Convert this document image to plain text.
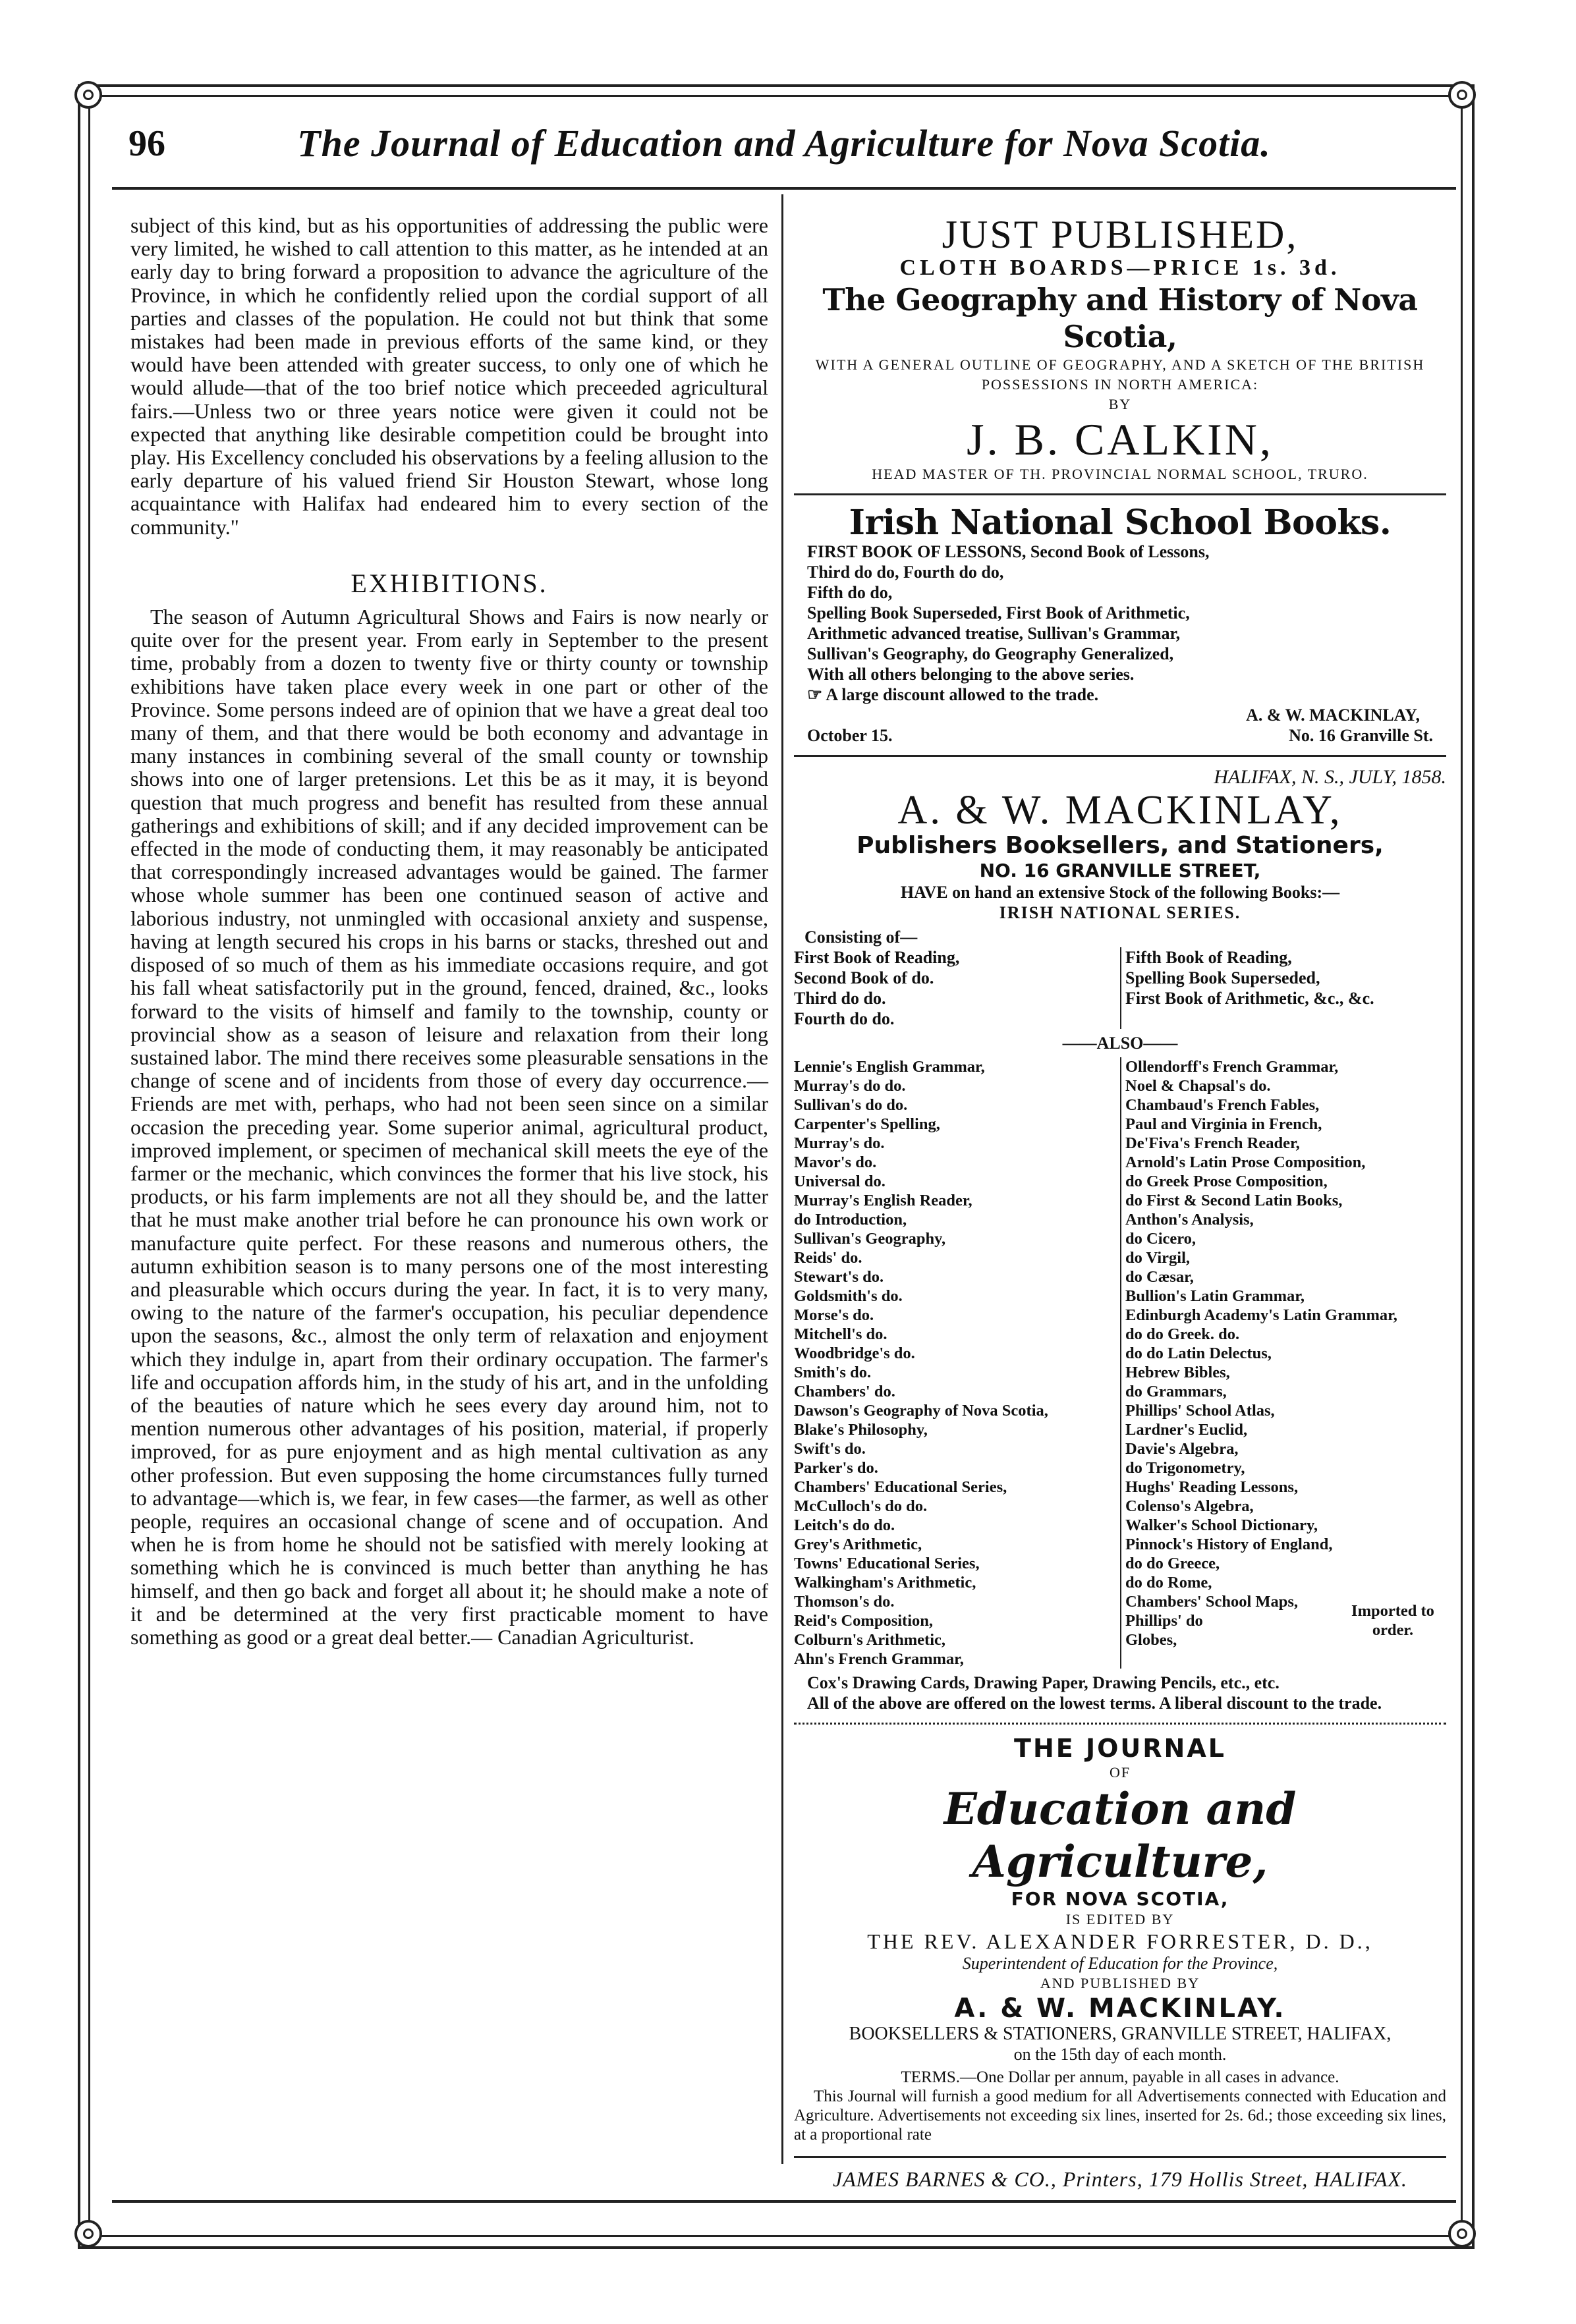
96	The Journal of Education and Agriculture for Nova Scotia.

subject of this kind, but as his opportunities of addressing the public were very limited, he wished to call attention to this matter, as he intended at an early day to bring forward a proposition to advance the agriculture of the Province, in which he confidently relied upon the cordial support of all parties and classes of the population. He could not but think that some mistakes had been made in previous efforts of the same kind, or they would have been attended with greater success, to only one of which he would allude—that of the too brief notice which preceeded agricultural fairs.—Unless two or three years notice were given it could not be expected that anything like desirable competition could be brought into play. His Excellency concluded his observations by a feeling allusion to the early departure of his valued friend Sir Houston Stewart, whose long acquaintance with Halifax had endeared him to every section of the community."

EXHIBITIONS.

The season of Autumn Agricultural Shows and Fairs is now nearly or quite over for the present year. From early in September to the present time, probably from a dozen to twenty five or thirty county or township exhibitions have taken place every week in one part or other of the Province. Some persons indeed are of opinion that we have a great deal too many of them, and that there would be both economy and advantage in many instances in combining several of the small county or township shows into one of larger pretensions. Let this be as it may, it is beyond question that much progress and benefit has resulted from these annual gatherings and exhibitions of skill; and if any decided improvement can be effected in the mode of conducting them, it may reasonably be anticipated that correspondingly increased advantages would be gained. The farmer whose whole summer has been one continued season of active and laborious industry, not unmingled with occasional anxiety and suspense, having at length secured his crops in his barns or stacks, threshed out and disposed of so much of them as his immediate occasions require, and got his fall wheat satisfactorily put in the ground, fenced, drained, &c., looks forward to the visits of himself and family to the township, county or provincial show as a season of leisure and relaxation from their long sustained labor. The mind there receives some pleasurable sensations in the change of scene and of incidents from those of every day occurrence.—Friends are met with, perhaps, who had not been seen since on a similar occasion the preceding year. Some superior animal, agricultural product, improved implement, or specimen of mechanical skill meets the eye of the farmer or the mechanic, which convinces the former that his live stock, his products, or his farm implements are not all they should be, and the latter that he must make another trial before he can pronounce his own work or manufacture quite perfect. For these reasons and numerous others, the autumn exhibition season is to many persons one of the most interesting and pleasurable which occurs during the year. In fact, it is to very many, owing to the nature of the farmer's occupation, his peculiar dependence upon the seasons, &c., almost the only term of relaxation and enjoyment which they indulge in, apart from their ordinary occupation. The farmer's life and occupation affords him, in the study of his art, and in the unfolding of the beauties of nature which he sees every day around him, not to mention numerous other advantages of his position, material, if properly improved, for as pure enjoyment and as high mental cultivation as any other profession. But even supposing the home circumstances fully turned to advantage—which is, we fear, in few cases—the farmer, as well as other people, requires an occasional change of scene and of occupation. And when he is from home he should not be satisfied with merely looking at something which he is convinced is much better than anything he has himself, and then go back and forget all about it; he should make a note of it and be determined at the very first practicable moment to have something as good or a great deal better.— Canadian Agriculturist.

JUST PUBLISHED,
CLOTH BOARDS—PRICE 1s. 3d.
The Geography and History of Nova Scotia,
WITH A GENERAL OUTLINE OF GEOGRAPHY, AND A SKETCH OF THE BRITISH POSSESSIONS IN NORTH AMERICA:
BY
J. B. CALKIN,
HEAD MASTER OF TH. PROVINCIAL NORMAL SCHOOL, TRURO.
Irish National School Books.
FIRST BOOK OF LESSONS, Second Book of Lessons,
Third do do, Fourth do do,
Fifth do do,
Spelling Book Superseded, First Book of Arithmetic,
Arithmetic advanced treatise, Sullivan's Grammar,
Sullivan's Geography, do Geography Generalized,
With all others belonging to the above series.
☞ A large discount allowed to the trade.
A. & W. MACKINLAY,
October 15.	No. 16 Granville St.
HALIFAX, N. S., JULY, 1858.
A. & W. MACKINLAY,
Publishers Booksellers, and Stationers,
NO. 16 GRANVILLE STREET,
HAVE on hand an extensive Stock of the following Books:—
IRISH NATIONAL SERIES.
Consisting of—
First Book of Reading,
Second Book of do.
Third do do.
Fourth do do.
Fifth Book of Reading,
Spelling Book Superseded,
First Book of Arithmetic, &c., &c.
——ALSO——
Lennie's English Grammar,
Murray's do do.
Sullivan's do do.
Carpenter's Spelling,
Murray's do.
Mavor's do.
Universal do.
Murray's English Reader,
do Introduction,
Sullivan's Geography,
Reids' do.
Stewart's do.
Goldsmith's do.
Morse's do.
Mitchell's do.
Woodbridge's do.
Smith's do.
Chambers' do.
Dawson's Geography of Nova Scotia,
Blake's Philosophy,
Swift's do.
Parker's do.
Chambers' Educational Series,
McCulloch's do do.
Leitch's do do.
Grey's Arithmetic,
Towns' Educational Series,
Walkingham's Arithmetic,
Thomson's do.
Reid's Composition,
Colburn's Arithmetic,
Ahn's French Grammar,
Ollendorff's French Grammar,
Noel & Chapsal's do.
Chambaud's French Fables,
Paul and Virginia in French,
De'Fiva's French Reader,
Arnold's Latin Prose Composition,
do Greek Prose Composition,
do First & Second Latin Books,
Anthon's Analysis,
do Cicero,
do Virgil,
do Cæsar,
Bullion's Latin Grammar,
Edinburgh Academy's Latin Grammar,
do do Greek. do.
do do Latin Delectus,
Hebrew Bibles,
do Grammars,
Phillips' School Atlas,
Lardner's Euclid,
Davie's Algebra,
do Trigonometry,
Hughs' Reading Lessons,
Colenso's Algebra,
Walker's School Dictionary,
Pinnock's History of England,
do do Greece,
do do Rome,
Chambers' School Maps,
Phillips' do
Globes,
Imported to order.
Cox's Drawing Cards, Drawing Paper, Drawing Pencils, etc., etc.
All of the above are offered on the lowest terms. A liberal discount to the trade.
THE JOURNAL
OF
Education and Agriculture,
FOR NOVA SCOTIA,
IS EDITED BY
THE REV. ALEXANDER FORRESTER, D. D.,
Superintendent of Education for the Province,
AND PUBLISHED BY
A. & W. MACKINLAY.
BOOKSELLERS & STATIONERS, GRANVILLE STREET, HALIFAX,
on the 15th day of each month.
TERMS.—One Dollar per annum, payable in all cases in advance.
This Journal will furnish a good medium for all Advertisements connected with Education and Agriculture. Advertisements not exceeding six lines, inserted for 2s. 6d.; those exceeding six lines, at a proportional rate
JAMES BARNES & CO., Printers, 179 Hollis Street, HALIFAX.
